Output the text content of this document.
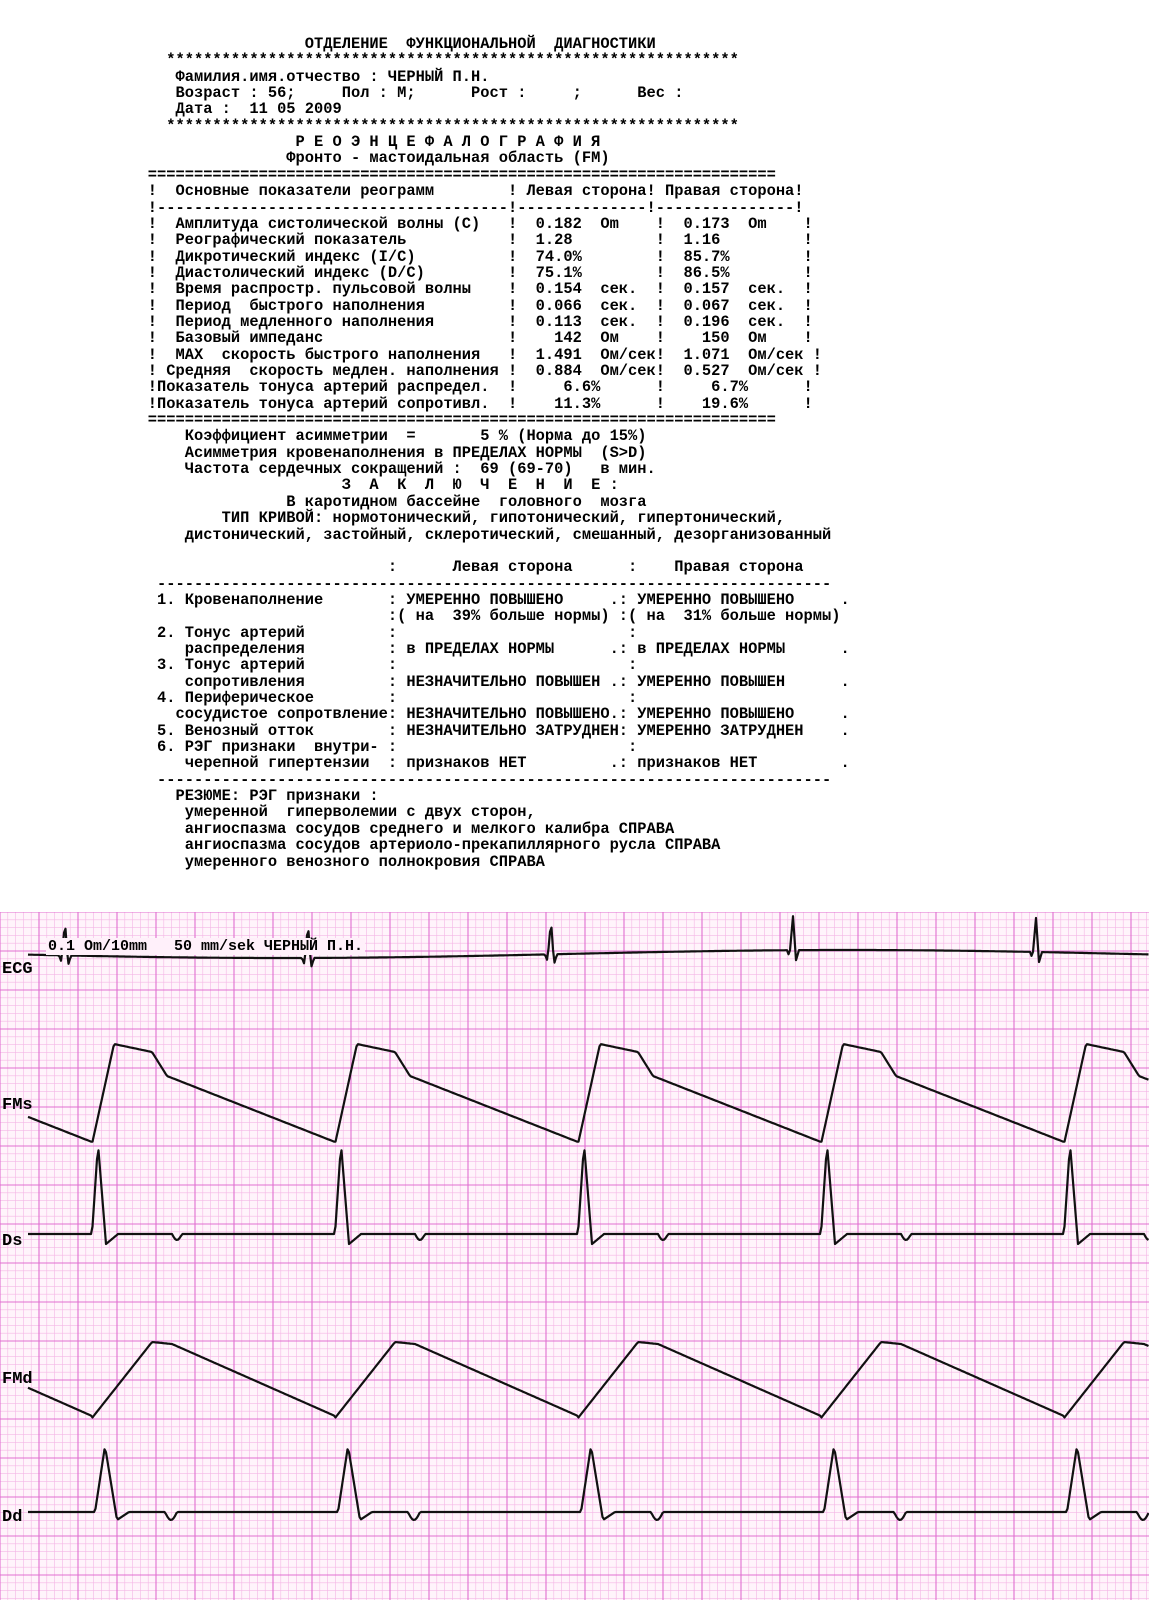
ОТДЕЛЕНИЕ  ФУНКЦИОНАЛЬНОЙ  ДИАГНОСТИКИ
**************************************************************
Фамилия.имя.отчество : ЧЕРНЫЙ П.Н.
Возраст : 56;     Пол : М;      Рост :     ;      Вес :
Дата :  11 05 2009
**************************************************************
Р Е О Э Н Ц Е Ф А Л О Г Р А Ф И Я
Фронто - мастоидальная область (FM)
====================================================================
!  Основные показатели реограмм        ! Левая сторона! Правая сторона!
!--------------------------------------!--------------!---------------!
!  Амплитуда систолической волны (С)   !  0.182  Om    !  0.173  Om    !
!  Реографический показатель           !  1.28         !  1.16         !
!  Дикротический индекс (I/C)          !  74.0%        !  85.7%        !
!  Диастолический индекс (D/C)         !  75.1%        !  86.5%        !
!  Время распростр. пульсовой волны    !  0.154  сек.  !  0.157  сек.  !
!  Период  быстрого наполнения         !  0.066  сек.  !  0.067  сек.  !
!  Период медленного наполнения        !  0.113  сек.  !  0.196  сек.  !
!  Базовый импеданс                    !    142  Ом    !    150  Ом    !
!  MAX  скорость быстрого наполнения   !  1.491  Ом/сек!  1.071  Ом/сек !
! Средняя  скорость медлен. наполнения !  0.884  Ом/сек!  0.527  Ом/сек !
!Показатель тонуса артерий распредел.  !     6.6%      !     6.7%      !
!Показатель тонуса артерий сопротивл.  !    11.3%      !    19.6%      !
====================================================================
Коэффициент асимметрии  =       5 % (Норма до 15%)
Асимметрия кровенаполнения в ПРЕДЕЛАХ НОРМЫ  (S>D)
Частота сердечных сокращений :  69 (69-70)   в мин.
З  А  К  Л  Ю  Ч  Е  Н  И  Е :
В каротидном бассейне  головного  мозга
ТИП КРИВОЙ: нормотонический, гипотонический, гипертонический,
дистонический, застойный, склеротический, смешанный, дезорганизованный
:      Левая сторона      :    Правая сторона
-------------------------------------------------------------------------
1. Кровенаполнение       : УМЕРЕННО ПОВЫШЕНО     .: УМЕРЕННО ПОВЫШЕНО     .
:( на  39% больше нормы) :( на  31% больше нормы)
2. Тонус артерий         :                         :
распределения         : в ПРЕДЕЛАХ НОРМЫ      .: в ПРЕДЕЛАХ НОРМЫ      .
3. Тонус артерий         :                         :
сопротивления         : НЕЗНАЧИТЕЛЬНО ПОВЫШЕН .: УМЕРЕННО ПОВЫШЕН      .
4. Периферическое        :                         :
сосудистое сопротвление: НЕЗНАЧИТЕЛЬНО ПОВЫШЕНО.: УМЕРЕННО ПОВЫШЕНО     .
5. Венозный отток        : НЕЗНАЧИТЕЛЬНО ЗАТРУДНЕН: УМЕРЕННО ЗАТРУДНЕН    .
6. РЭГ признаки  внутри- :                         :
черепной гипертензии  : признаков НЕТ         .: признаков НЕТ         .
-------------------------------------------------------------------------
РЕЗЮМЕ: РЭГ признаки :
умеренной  гиперволемии с двух сторон,
ангиоспазма сосудов среднего и мелкого калибра СПРАВА
ангиоспазма сосудов артериоло-прекапиллярного русла СПРАВА
умеренного венозного полнокровия СПРАВА
0.1 Om/10mm   50 mm/sek ЧЕРНЫЙ П.Н.
ECG
FMs
Ds
FMd
Dd
